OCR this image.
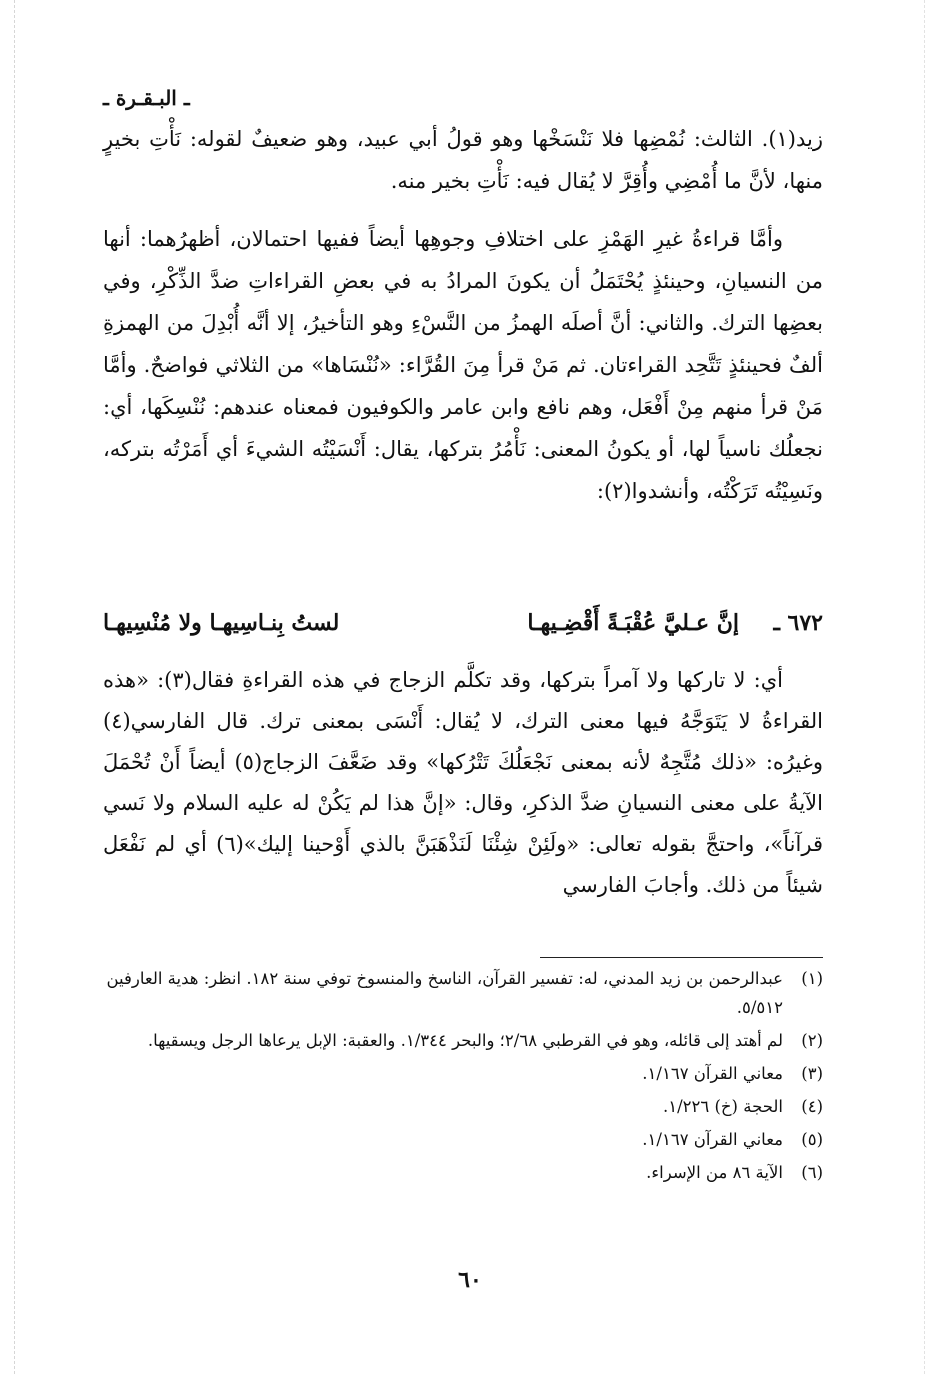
ـ البـقـرة ـ

زيد(١). الثالث: نُمْضِها فلا نَنْسَخْها وهو قولُ أبي عبيد، وهو ضعيفٌ لقوله: نَأْتِ بخيرٍ منها، لأنَّ ما أُمْضِي وأُقِرَّ لا يُقال فيه: نَأْتِ بخير منه.

وأمَّا قراءةُ غيرِ الهَمْزِ على اختلافِ وجوهِها أيضاً ففيها احتمالان، أظهرُهما: أنها من النسيانِ، وحينئذٍ يُحْتَمَلُ أن يكونَ المرادُ به في بعضِ القراءاتِ ضدَّ الذِّكْرِ، وفي بعضِها الترك. والثاني: أنَّ أصلَه الهمزُ من النَّسْءِ وهو التأخيرُ، إلا أنَّه أُبْدِلَ من الهمزةِ ألفٌ فحينئذٍ تَتَّحِد القراءتان. ثم مَنْ قرأ مِنَ القُرَّاء: «نُنْسَاها» من الثلاثي فواضحٌ. وأمَّا مَنْ قرأ منهم مِنْ أَفْعَل، وهم نافع وابن عامر والكوفيون فمعناه عندهم: نُنْسِكَها، أي: نجعلُك ناسياً لها، أو يكونُ المعنى: نَأْمُرُ بتركها، يقال: أَنْسَيْتُه الشيءَ أي أَمَرْتُه بتركه، ونَسِيْتُه تَرَكْتُه، وأنشدوا(٢):

٦٧٢ ـ
إنَّ عـليَّ عُقْبَـةً أَقْضِـيهـا
لستُ بِنـاسِيهـا ولا مُنْسِيهـا

أي: لا تاركها ولا آمراً بتركها، وقد تكلَّم الزجاج في هذه القراءةِ فقال(٣): «هذه القراءةُ لا يَتَوَجَّهُ فيها معنى الترك، لا يُقال: أَنْسَى بمعنى ترك. قال الفارسي(٤) وغيرُه: «ذلك مُتَّجِهٌ لأنه بمعنى نَجْعَلُكَ تَتْرُكها» وقد ضَعَّفَ الزجاج(٥) أيضاً أَنْ تُحْمَلَ الآيةُ على معنى النسيانِ ضدَّ الذكرِ، وقال: «إنَّ هذا لم يَكُنْ له عليه السلام ولا نَسي قرآناً»، واحتجَّ بقوله تعالى: «ولَئِنْ شِئْنَا لَنَذْهَبَنَّ بالذي أَوْحينا إليك»(٦) أي لم نَفْعَل شيئاً من ذلك. وأجابَ الفارسي

(١)
عبدالرحمن بن زيد المدني، له: تفسير القرآن، الناسخ والمنسوخ توفي سنة ١٨٢. انظر: هدية العارفين ٥/٥١٢.

(٢)
لم أهتد إلى قائله، وهو في القرطبي ٢/٦٨؛ والبحر ١/٣٤٤. والعقبة: الإبل يرعاها الرجل ويسقيها.

(٣)
معاني القرآن ١/١٦٧.

(٤)
الحجة (خ) ١/٢٢٦.

(٥)
معاني القرآن ١/١٦٧.

(٦)
الآية ٨٦ من الإسراء.

٦٠
